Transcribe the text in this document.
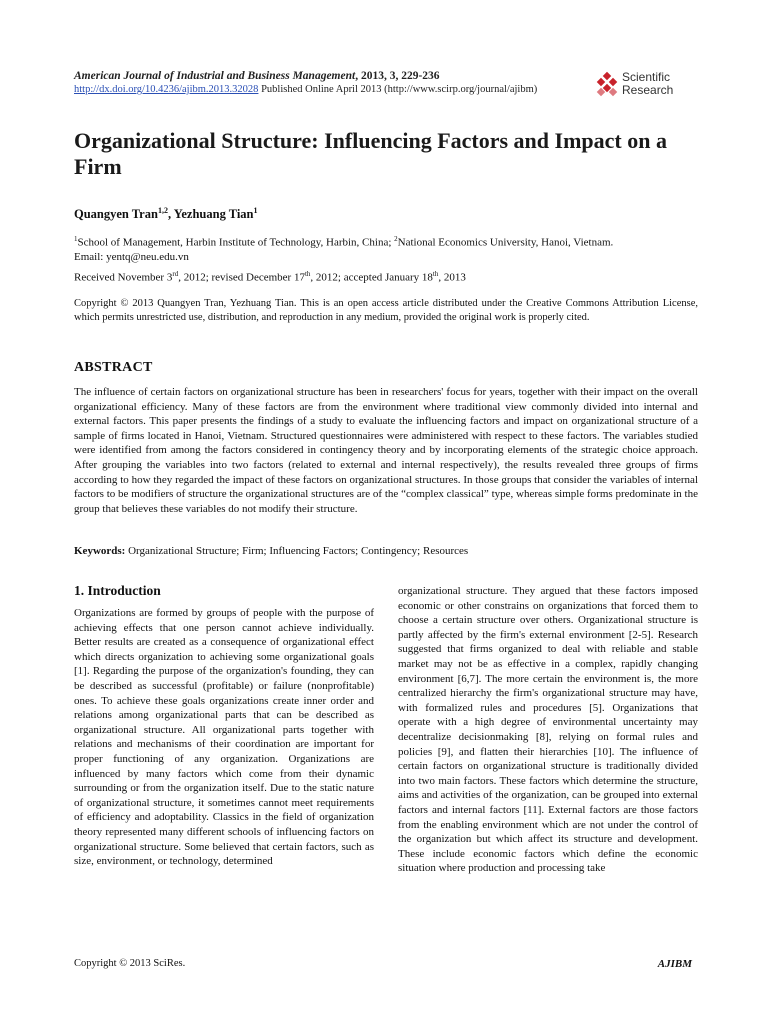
American Journal of Industrial and Business Management, 2013, 3, 229-236
http://dx.doi.org/10.4236/ajibm.2013.32028 Published Online April 2013 (http://www.scirp.org/journal/ajibm)
Scientific
Research
Organizational Structure: Influencing Factors and Impact on a Firm
Quangyen Tran$^{1,2}$, Yezhuang Tian$^1$
$^1$School of Management, Harbin Institute of Technology, Harbin, China; $^2$National Economics University, Hanoi, Vietnam.
Email: yentq@neu.edu.vn
Received November 3rd, 2012; revised December 17th, 2012; accepted January 18th, 2013
Copyright © 2013 Quangyen Tran, Yezhuang Tian. This is an open access article distributed under the Creative Commons Attribution License, which permits unrestricted use, distribution, and reproduction in any medium, provided the original work is properly cited.
ABSTRACT
The influence of certain factors on organizational structure has been in researchers' focus for years, together with their impact on the overall organizational efficiency. Many of these factors are from the environment where traditional view commonly divided into internal and external factors. This paper presents the findings of a study to evaluate the influencing factors and impact on organizational structure of a sample of firms located in Hanoi, Vietnam. Structured questionnaires were administered with respect to these factors. The variables studied were identified from among the factors considered in contingency theory and by incorporating elements of the strategic choice approach. After grouping the variables into two factors (related to external and internal respectively), the results revealed three groups of firms according to how they regarded the impact of these factors on organizational structures. In those groups that consider the variables of internal factors to be modifiers of structure the organizational structures are of the “complex classical” type, whereas simple forms predominate in the group that believes these variables do not modify their structure.
Keywords: Organizational Structure; Firm; Influencing Factors; Contingency; Resources
1. Introduction
Organizations are formed by groups of people with the purpose of achieving effects that one person cannot achieve individually. Better results are created as a consequence of organizational effect which directs organization to achieving some organizational goals [1]. Regarding the purpose of the organization's founding, they can be described as successful (profitable) or failure (nonprofitable) ones. To achieve these goals organizations create inner order and relations among organizational parts that can be described as organizational structure. All organizational parts together with relations and mechanisms of their coordination are important for proper functioning of any organization. Organizations are influenced by many factors which come from their dynamic surrounding or from the organization itself. Due to the static nature of organizational structure, it sometimes cannot meet requirements of efficiency and adoptability. Classics in the field of organization theory represented many different schools of influencing factors on organizational structure. Some believed that certain factors, such as size, environment, or technology, determined
organizational structure. They argued that these factors imposed economic or other constrains on organizations that forced them to choose a certain structure over others. Organizational structure is partly affected by the firm's external environment [2-5]. Research suggested that firms organized to deal with reliable and stable market may not be as effective in a complex, rapidly changing environment [6,7]. The more certain the environment is, the more centralized hierarchy the firm's organizational structure may have, with formalized rules and procedures [5]. Organizations that operate with a high degree of environmental uncertainty may decentralize decisionmaking [8], relying on formal rules and policies [9], and flatten their hierarchies [10]. The influence of certain factors on organizational structure is traditionally divided into two main factors. These factors which determine the structure, aims and activities of the organization, can be grouped into external factors and internal factors [11]. External factors are those factors from the enabling environment which are not under the control of the organization but which affect its structure and development. These include economic factors which define the economic situation where production and processing take
Copyright © 2013 SciRes.	AJIBM
